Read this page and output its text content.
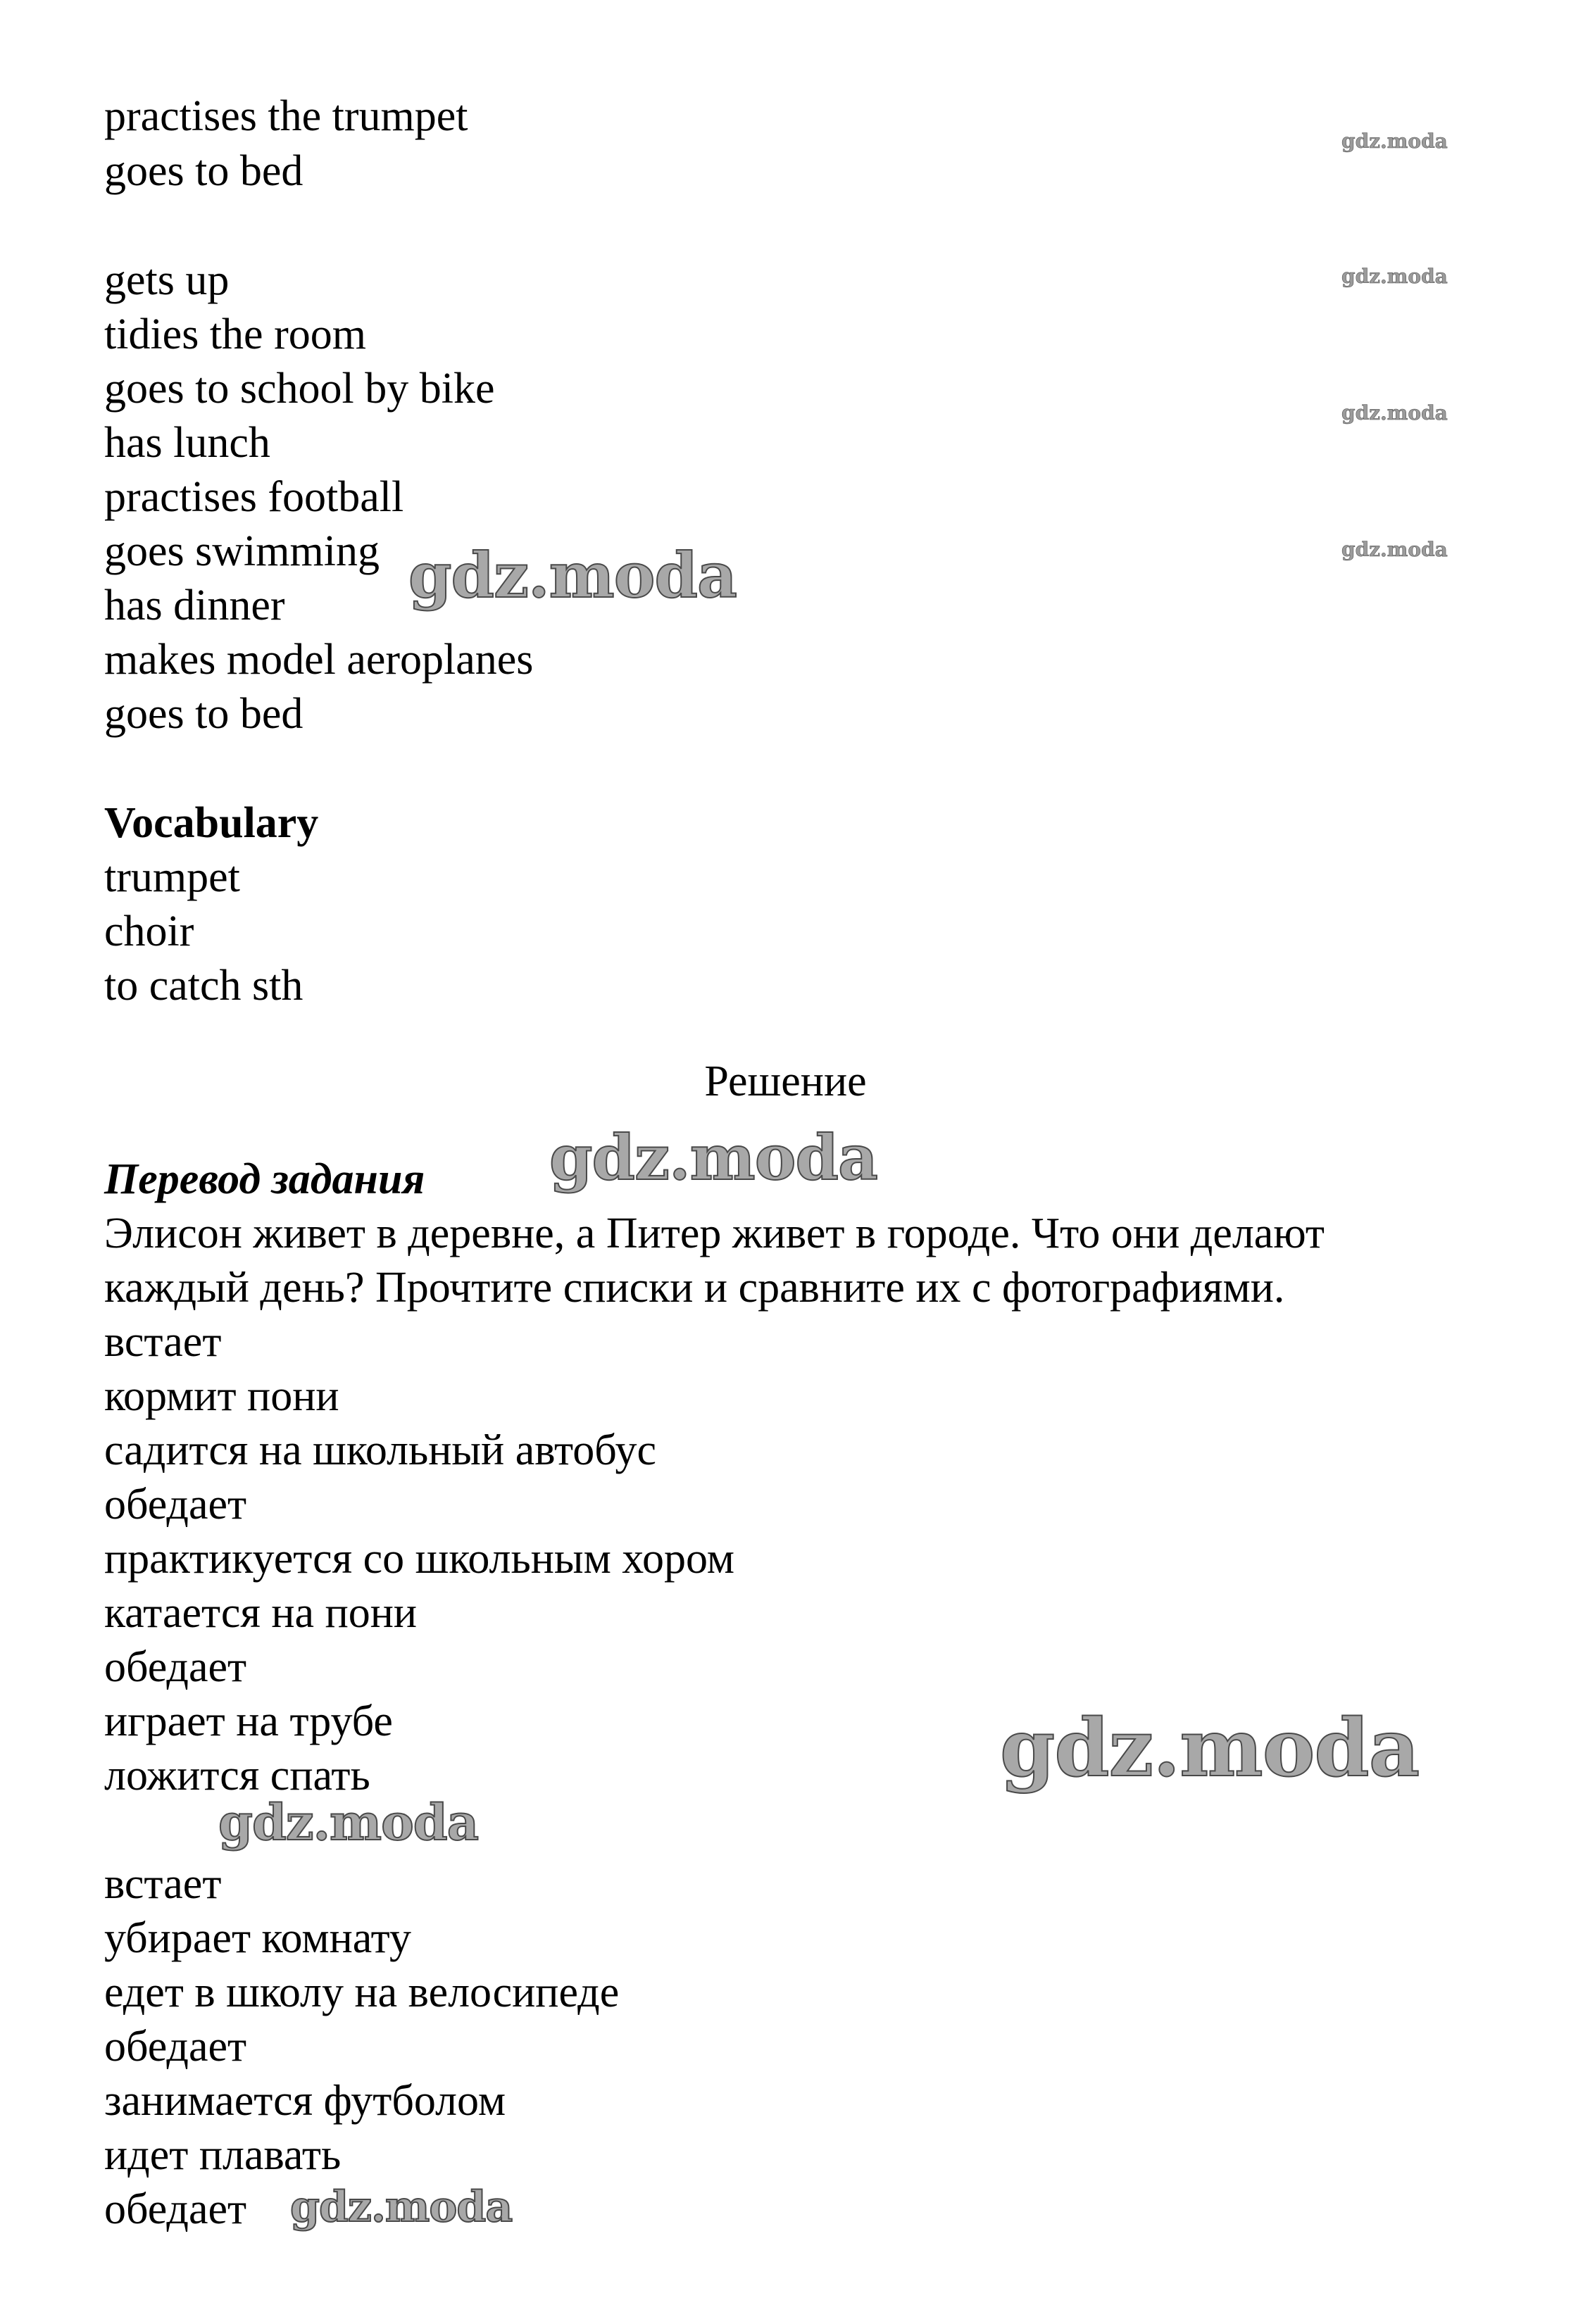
practises the trumpet
goes to bed
gets up
tidies the room
goes to school by bike
has lunch
practises football
goes swimming
has dinner
makes model aeroplanes
goes to bed
Vocabulary
trumpet
choir
to catch sth
Решение
Перевод задания
Элисон живет в деревне, а Питер живет в городе. Что они делают
каждый день? Прочтите списки и сравните их с фотографиями.
встает
кормит пони
садится на школьный автобус
обедает
практикуется со школьным хором
катается на пони
обедает
играет на трубе
ложится спать
встает
убирает комнату
едет в школу на велосипеде
обедает
занимается футболом
идет плавать
обедает
gdz.moda
gdz.moda
gdz.moda
gdz.moda
gdz.moda
gdz.moda
gdz.moda
gdz.moda
gdz.moda
